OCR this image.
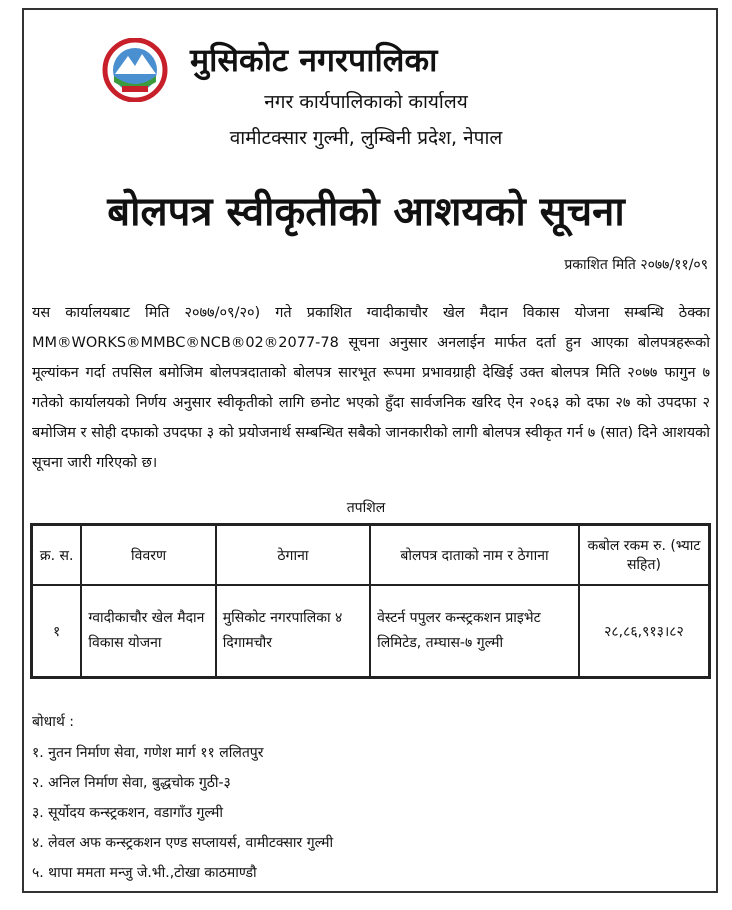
मुसिकोट नगरपालिका
नगर कार्यपालिकाको कार्यालय
वामीटक्सार गुल्मी, लुम्बिनी प्रदेश, नेपाल
बोलपत्र स्वीकृतीको आशयको सूचना
प्रकाशित मिति २०७७/११/०९
यस कार्यालयबाट मिति २०७७/०९/२०) गते प्रकाशित ग्वादीकाचौर खेल मैदान विकास योजना सम्बन्धि ठेक्का MM®WORKS®MMBC®NCB®02®2077-78 सूचना अनुसार अनलाईन मार्फत दर्ता हुन आएका बोलपत्रहरूको मूल्यांकन गर्दा तपसिल बमोजिम बोलपत्रदाताको बोलपत्र सारभूत रूपमा प्रभावग्राही देखिई उक्त बोलपत्र मिति २०७७ फागुन ७ गतेको कार्यालयको निर्णय अनुसार स्वीकृतीको लागि छनोट भएको हुँदा सार्वजनिक खरिद ऐन २०६३ को दफा २७ को उपदफा २ बमोजिम र सोही दफाको उपदफा ३ को प्रयोजनार्थ सम्बन्धित सबैको जानकारीको लागी बोलपत्र स्वीकृत गर्न ७ (सात) दिने आशयको सूचना जारी गरिएको छ।
तपशिल
क्र. स.	विवरण	ठेगाना	बोलपत्र दाताको नाम र ठेगाना	कबोल रकम रु. (भ्याट सहित)
१	ग्वादीकाचौर खेल मैदान विकास योजना	मुसिकोट नगरपालिका ४ दिगामचौर	वेस्टर्न पपुलर कन्स्ट्रकशन प्राइभेट लिमिटेड, तम्घास-७ गुल्मी	२८,८६,९१३।८२
बोधार्थ :
१. नुतन निर्माण सेवा, गणेश मार्ग ११ ललितपुर
२. अनिल निर्माण सेवा, बुद्धचोक गुठी-३
३. सूर्योदय कन्स्ट्रकशन, वडागाँउ गुल्मी
४. लेवल अफ कन्स्ट्रकशन एण्ड सप्लायर्स, वामीटक्सार गुल्मी
५. थापा ममता मन्जु जे.भी.,टोखा काठमाण्डौ
